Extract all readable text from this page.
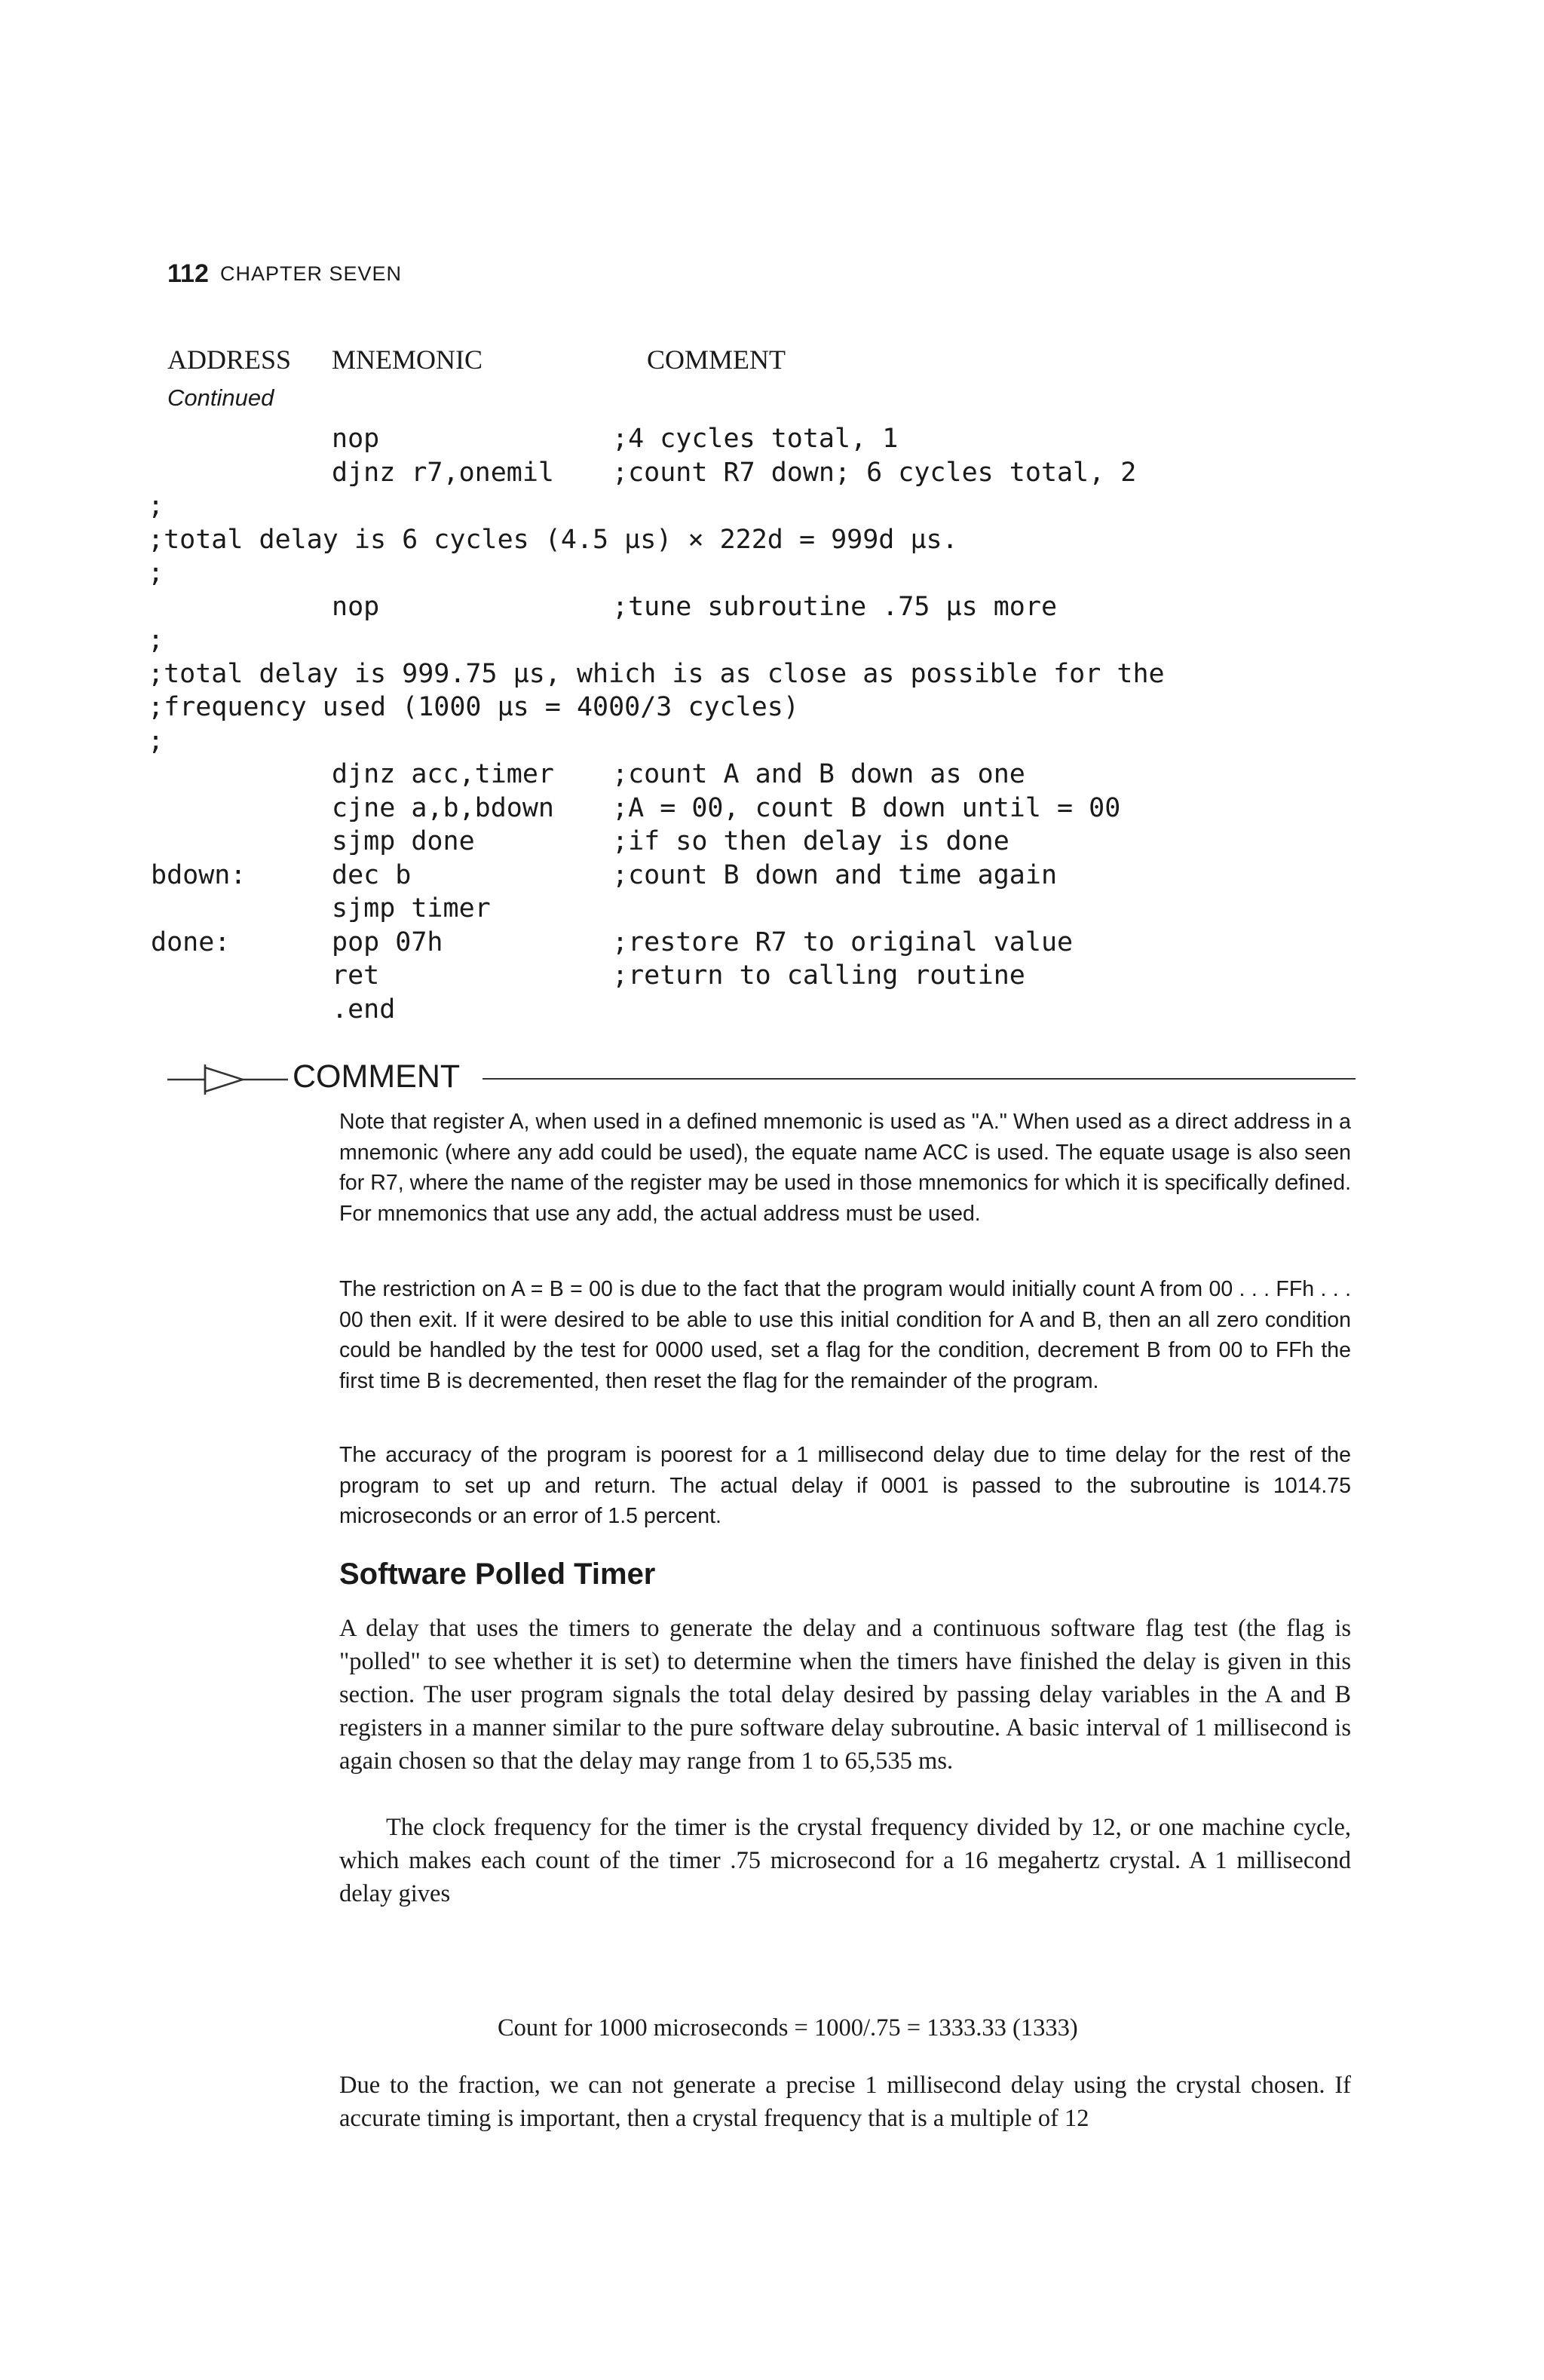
112 CHAPTER SEVEN
ADDRESS MNEMONIC	COMMENT
Continued
nop	;4 cycles total, 1
djnz r7,onemil ;count R7 down; 6 cycles total, 2
;
;total delay is 6 cycles (4.5 µs) × 222d = 999d µs.
;
nop	;tune subroutine .75 µs more
;
;total delay is 999.75 µs, which is as close as possible for the
;frequency used (1000 µs = 4000/3 cycles)
;
djnz acc,timer ;count A and B down as one
cjne a,b,bdown ;A = 00, count B down until = 00
sjmp done	;if so then delay is done
bdown:	dec b	;count B down and time again
sjmp timer
done:	pop 07h	;restore R7 to original value
ret	;return to calling routine
.end
COMMENT
Note that register A, when used in a defined mnemonic is used as "A." When used as a direct address in a mnemonic (where any add could be used), the equate name ACC is used. The equate usage is also seen for R7, where the name of the register may be used in those mnemonics for which it is specifically defined. For mnemonics that use any add, the actual address must be used.
The restriction on A = B = 00 is due to the fact that the program would initially count A from 00 . . . FFh . . . 00 then exit. If it were desired to be able to use this initial condition for A and B, then an all zero condition could be handled by the test for 0000 used, set a flag for the condition, decrement B from 00 to FFh the first time B is decremented, then reset the flag for the remainder of the program.
The accuracy of the program is poorest for a 1 millisecond delay due to time delay for the rest of the program to set up and return. The actual delay if 0001 is passed to the subroutine is 1014.75 microseconds or an error of 1.5 percent.
Software Polled Timer
A delay that uses the timers to generate the delay and a continuous software flag test (the flag is "polled" to see whether it is set) to determine when the timers have finished the delay is given in this section. The user program signals the total delay desired by passing delay variables in the A and B registers in a manner similar to the pure software delay subroutine. A basic interval of 1 millisecond is again chosen so that the delay may range from 1 to 65,535 ms.
The clock frequency for the timer is the crystal frequency divided by 12, or one machine cycle, which makes each count of the timer .75 microsecond for a 16 megahertz crystal. A 1 millisecond delay gives
Count for 1000 microseconds = 1000/.75 = 1333.33 (1333)
Due to the fraction, we can not generate a precise 1 millisecond delay using the crystal chosen. If accurate timing is important, then a crystal frequency that is a multiple of 12
